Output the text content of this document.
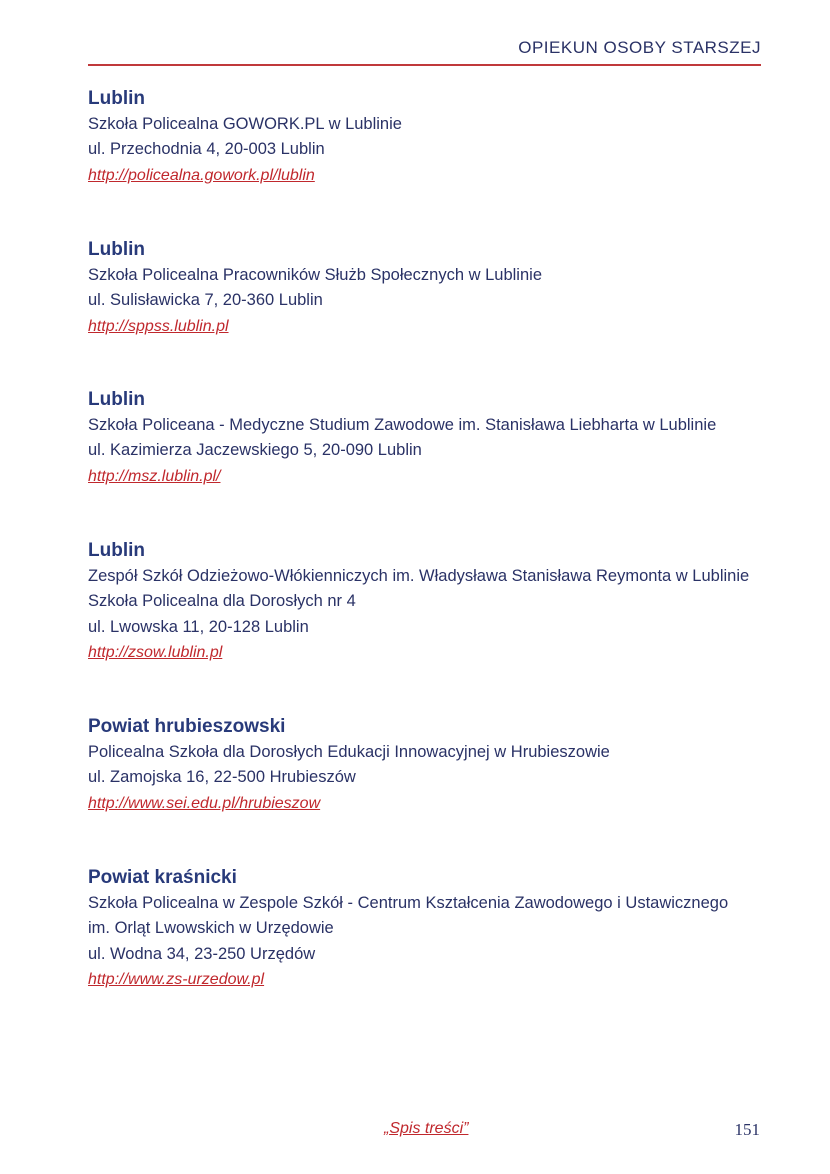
OPIEKUN OSOBY STARSZEJ
Lublin
Szkoła Policealna GOWORK.PL w Lublinie
ul. Przechodnia 4, 20-003 Lublin
http://policealna.gowork.pl/lublin
Lublin
Szkoła Policealna Pracowników Służb Społecznych w Lublinie
ul. Sulisławicka 7, 20-360 Lublin
http://sppss.lublin.pl
Lublin
Szkoła Policeana - Medyczne Studium Zawodowe im. Stanisława Liebharta w Lublinie
ul. Kazimierza Jaczewskiego 5, 20-090 Lublin
http://msz.lublin.pl/
Lublin
Zespół Szkół Odzieżowo-Włókienniczych im. Władysława Stanisława Reymonta w Lublinie
Szkoła Policealna dla Dorosłych nr 4
ul. Lwowska 11, 20-128 Lublin
http://zsow.lublin.pl
Powiat hrubieszowski
Policealna Szkoła dla Dorosłych Edukacji Innowacyjnej w Hrubieszowie
ul. Zamojska 16, 22-500 Hrubieszów
http://www.sei.edu.pl/hrubieszow
Powiat kraśnicki
Szkoła Policealna w Zespole Szkół - Centrum Kształcenia Zawodowego i Ustawicznego
im. Orląt Lwowskich w Urzędowie
ul. Wodna 34, 23-250 Urzędów
http://www.zs-urzedow.pl
„Spis treści”	151
